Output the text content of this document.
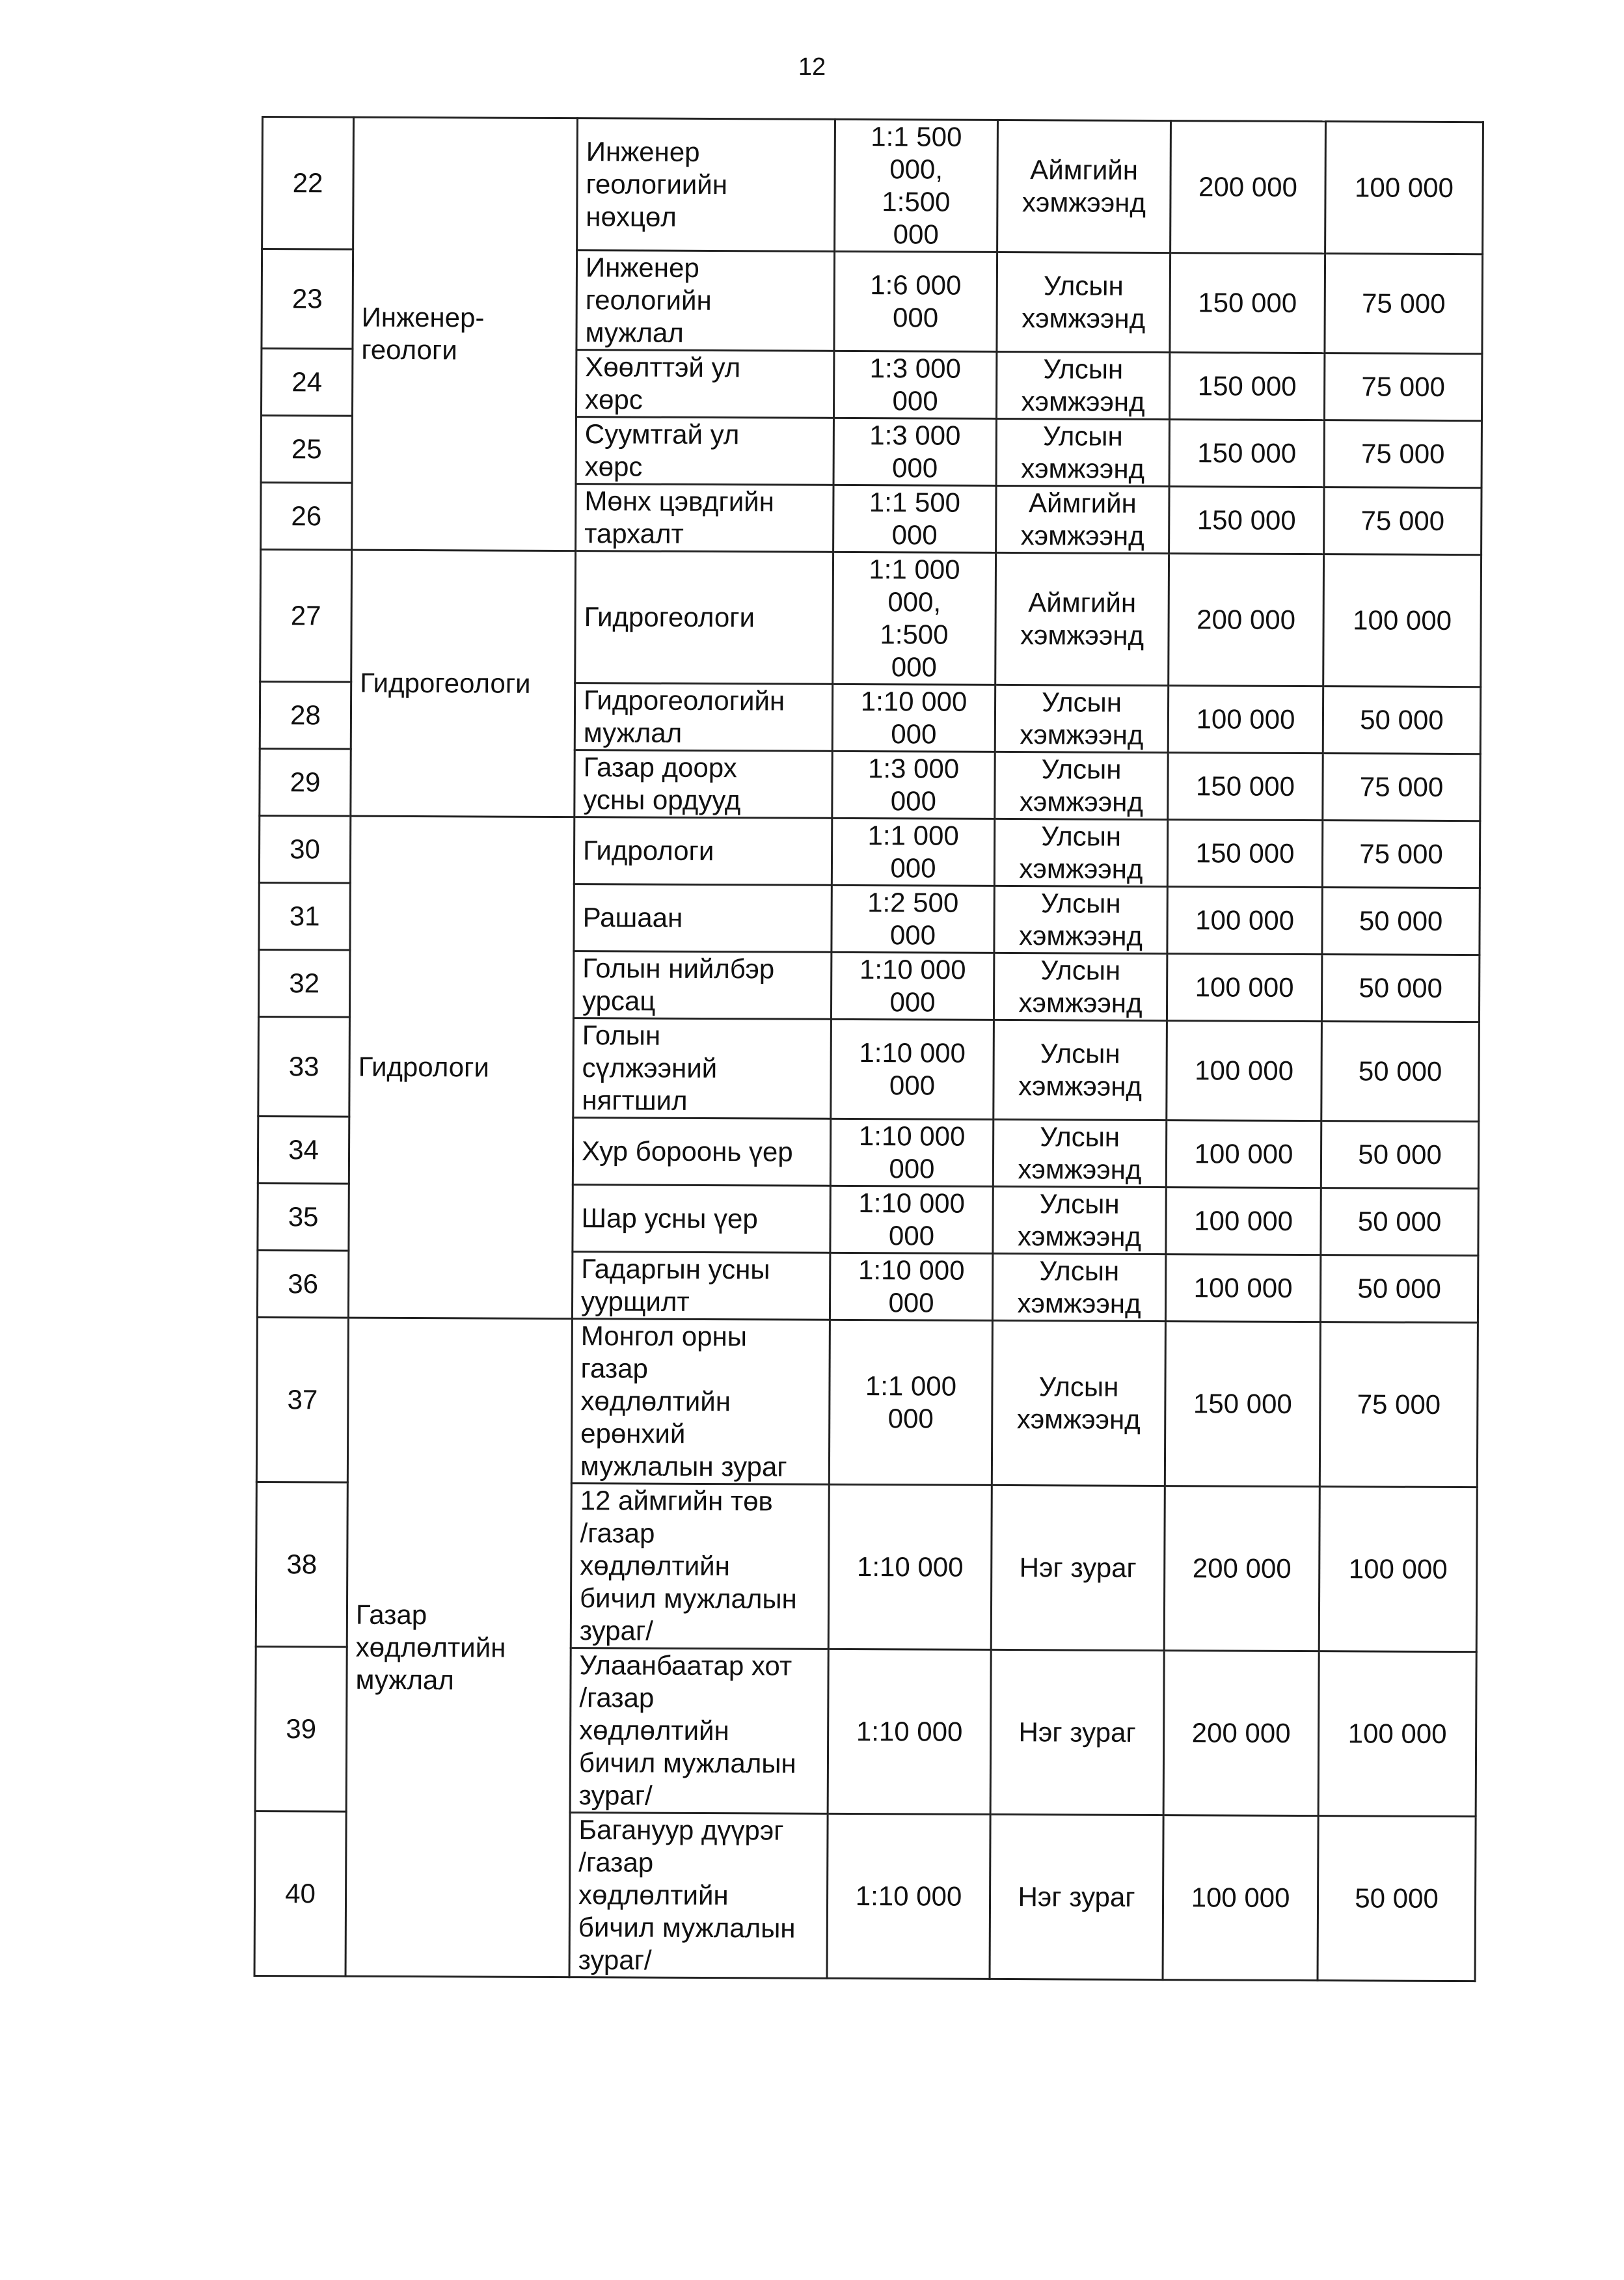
12
22	Инженер-
геологи	Инженер
геологиийн
нөхцөл	1:1 500
000,
1:500
000	Аймгийн
хэмжээнд	200 000	100 000
23		Инженер
геологийн
мужлал	1:6 000
000	Улсын
хэмжээнд	150 000	75 000
24		Хөөлттэй ул
хөрс	1:3 000
000	Улсын
хэмжээнд	150 000	75 000
25		Суумтгай ул
хөрс	1:3 000
000	Улсын
хэмжээнд	150 000	75 000
26		Мөнх цэвдгийн
тархалт	1:1 500
000	Аймгийн
хэмжээнд	150 000	75 000
27	Гидрогеологи	Гидрогеологи	1:1 000
000,
1:500
000	Аймгийн
хэмжээнд	200 000	100 000
28		Гидрогеологийн
мужлал	1:10 000
000	Улсын
хэмжээнд	100 000	50 000
29		Газар доорх
усны ордууд	1:3 000
000	Улсын
хэмжээнд	150 000	75 000
30	Гидрологи	Гидрологи	1:1 000
000	Улсын
хэмжээнд	150 000	75 000
31		Рашаан	1:2 500
000	Улсын
хэмжээнд	100 000	50 000
32		Голын нийлбэр
урсац	1:10 000
000	Улсын
хэмжээнд	100 000	50 000
33		Голын
сүлжээний
нягтшил	1:10 000
000	Улсын
хэмжээнд	100 000	50 000
34		Хур бороонь үер	1:10 000
000	Улсын
хэмжээнд	100 000	50 000
35		Шар усны үер	1:10 000
000	Улсын
хэмжээнд	100 000	50 000
36		Гадаргын усны
уурщилт	1:10 000
000	Улсын
хэмжээнд	100 000	50 000
37	Газар
хөдлөлтийн
мужлал	Монгол орны
газар
хөдлөлтийн
ерөнхий
мужлалын зураг	1:1 000
000	Улсын
хэмжээнд	150 000	75 000
38		12 аймгийн төв
/газар
хөдлөлтийн
бичил мужлалын
зураг/	1:10 000	Нэг зураг	200 000	100 000
39		Улаанбаатар хот
/газар
хөдлөлтийн
бичил мужлалын
зураг/	1:10 000	Нэг зураг	200 000	100 000
40		Багануур дүүрэг
/газар
хөдлөлтийн
бичил мужлалын
зураг/	1:10 000	Нэг зураг	100 000	50 000
